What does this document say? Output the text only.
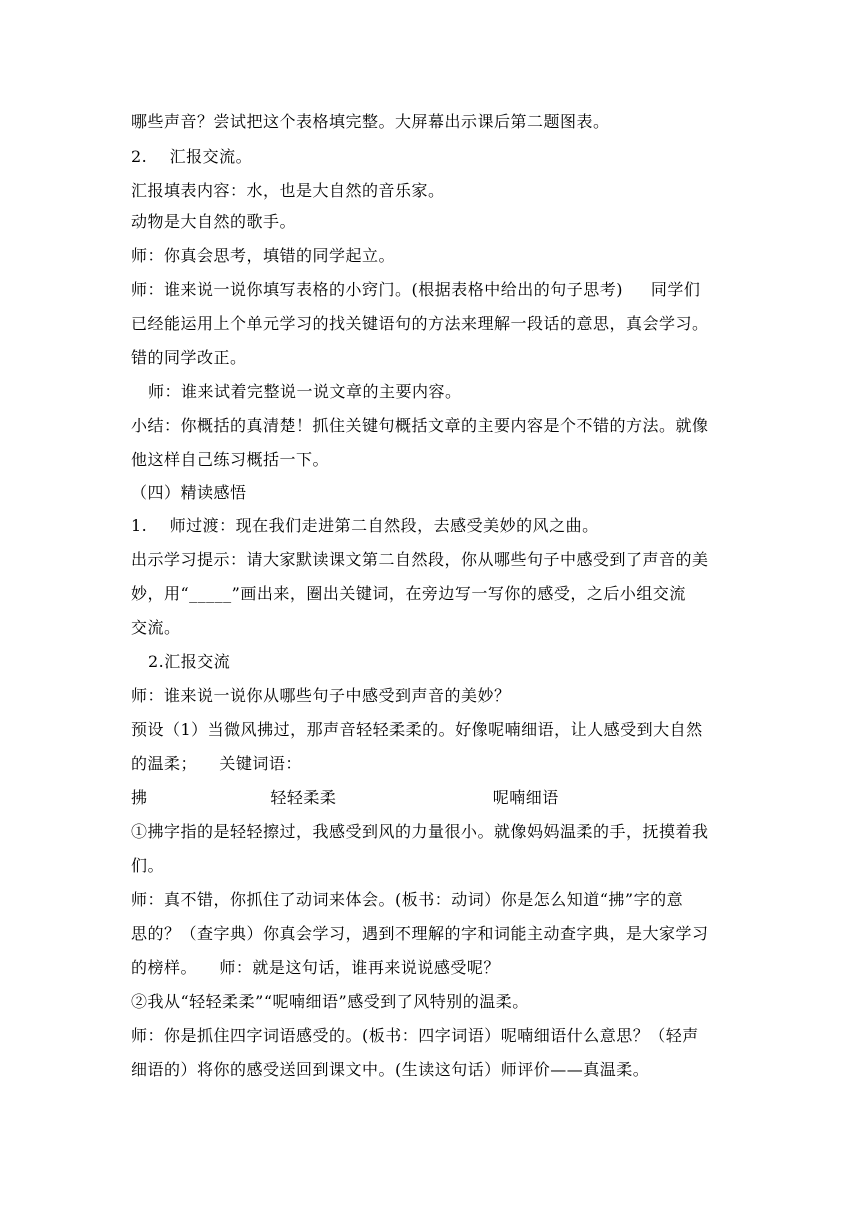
哪些声音？尝试把这个表格填完整。大屏幕出示课后第二题图表。
2.    汇报交流。
汇报填表内容：水，也是大自然的音乐家。
动物是大自然的歌手。
师：你真会思考，填错的同学起立。
师：谁来说一说你填写表格的小窍门。(根据表格中给出的句子思考)     同学们
已经能运用上个单元学习的找关键语句的方法来理解一段话的意思，真会学习。
错的同学改正。
师：谁来试着完整说一说文章的主要内容。
小结：你概括的真清楚！抓住关键句概括文章的主要内容是个不错的方法。就像
他这样自己练习概括一下。
（四）精读感悟
1.    师过渡：现在我们走进第二自然段，去感受美妙的风之曲。
出示学习提示：请大家默读课文第二自然段，你从哪些句子中感受到了声音的美
妙，用“_____”画出来，圈出关键词，在旁边写一写你的感受，之后小组交流
交流。
2.汇报交流
师：谁来说一说你从哪些句子中感受到声音的美妙？
预设（1）当微风拂过，那声音轻轻柔柔的。好像呢喃细语，让人感受到大自然
的温柔；    关键词语：
拂                      轻轻柔柔                            呢喃细语
①拂字指的是轻轻擦过，我感受到风的力量很小。就像妈妈温柔的手，抚摸着我
们。
师：真不错，你抓住了动词来体会。(板书：动词）你是怎么知道“拂”字的意
思的？（查字典）你真会学习，遇到不理解的字和词能主动查字典，是大家学习
的榜样。    师：就是这句话，谁再来说说感受呢？
②我从“轻轻柔柔”“呢喃细语”感受到了风特别的温柔。
师：你是抓住四字词语感受的。(板书：四字词语）呢喃细语什么意思？（轻声
细语的）将你的感受送回到课文中。(生读这句话）师评价——真温柔。
